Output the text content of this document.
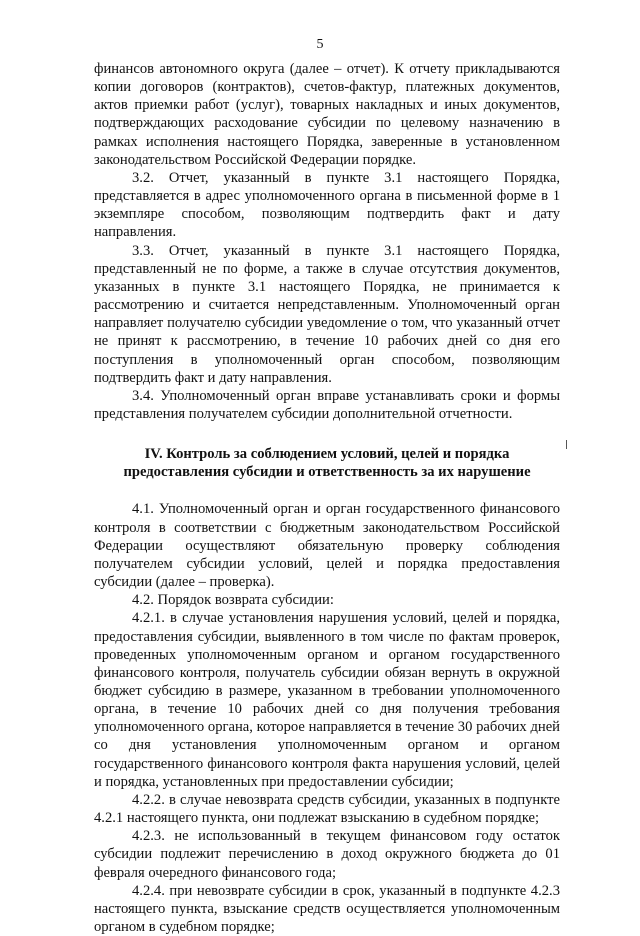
5

финансов автономного округа (далее – отчет). К отчету прикладываются копии договоров (контрактов), счетов-фактур, платежных документов, актов приемки работ (услуг), товарных накладных и иных документов, подтверждающих расходование субсидии по целевому назначению в рамках исполнения настоящего Порядка, заверенные в установленном законодательством Российской Федерации порядке.

3.2. Отчет, указанный в пункте 3.1 настоящего Порядка, представляется в адрес уполномоченного органа в письменной форме в 1 экземпляре способом, позволяющим подтвердить факт и дату направления.

3.3. Отчет, указанный в пункте 3.1 настоящего Порядка, представленный не по форме, а также в случае отсутствия документов, указанных в пункте 3.1 настоящего Порядка, не принимается к рассмотрению и считается непредставленным. Уполномоченный орган направляет получателю субсидии уведомление о том, что указанный отчет не принят к рассмотрению, в течение 10 рабочих дней со дня его поступления в уполномоченный орган способом, позволяющим подтвердить факт и дату направления.

3.4. Уполномоченный орган вправе устанавливать сроки и формы представления получателем субсидии дополнительной отчетности.

IV. Контроль за соблюдением условий, целей и порядка
предоставления субсидии и ответственность за их нарушение

4.1. Уполномоченный орган и орган государственного финансового контроля в соответствии с бюджетным законодательством Российской Федерации осуществляют обязательную проверку соблюдения получателем субсидии условий, целей и порядка предоставления субсидии (далее – проверка).

4.2. Порядок возврата субсидии:

4.2.1. в случае установления нарушения условий, целей и порядка, предоставления субсидии, выявленного в том числе по фактам проверок, проведенных уполномоченным органом и органом государственного финансового контроля, получатель субсидии обязан вернуть в окружной бюджет субсидию в размере, указанном в требовании уполномоченного органа, в течение 10 рабочих дней со дня получения требования уполномоченного органа, которое направляется в течение 30 рабочих дней со дня установления уполномоченным органом и органом государственного финансового контроля факта нарушения условий, целей и порядка, установленных при предоставлении субсидии;

4.2.2. в случае невозврата средств субсидии, указанных в подпункте 4.2.1 настоящего пункта, они подлежат взысканию в судебном порядке;

4.2.3. не использованный в текущем финансовом году остаток субсидии подлежит перечислению в доход окружного бюджета до 01 февраля очередного финансового года;

4.2.4. при невозврате субсидии в срок, указанный в подпункте 4.2.3 настоящего пункта, взыскание средств осуществляется уполномоченным органом в судебном порядке;
